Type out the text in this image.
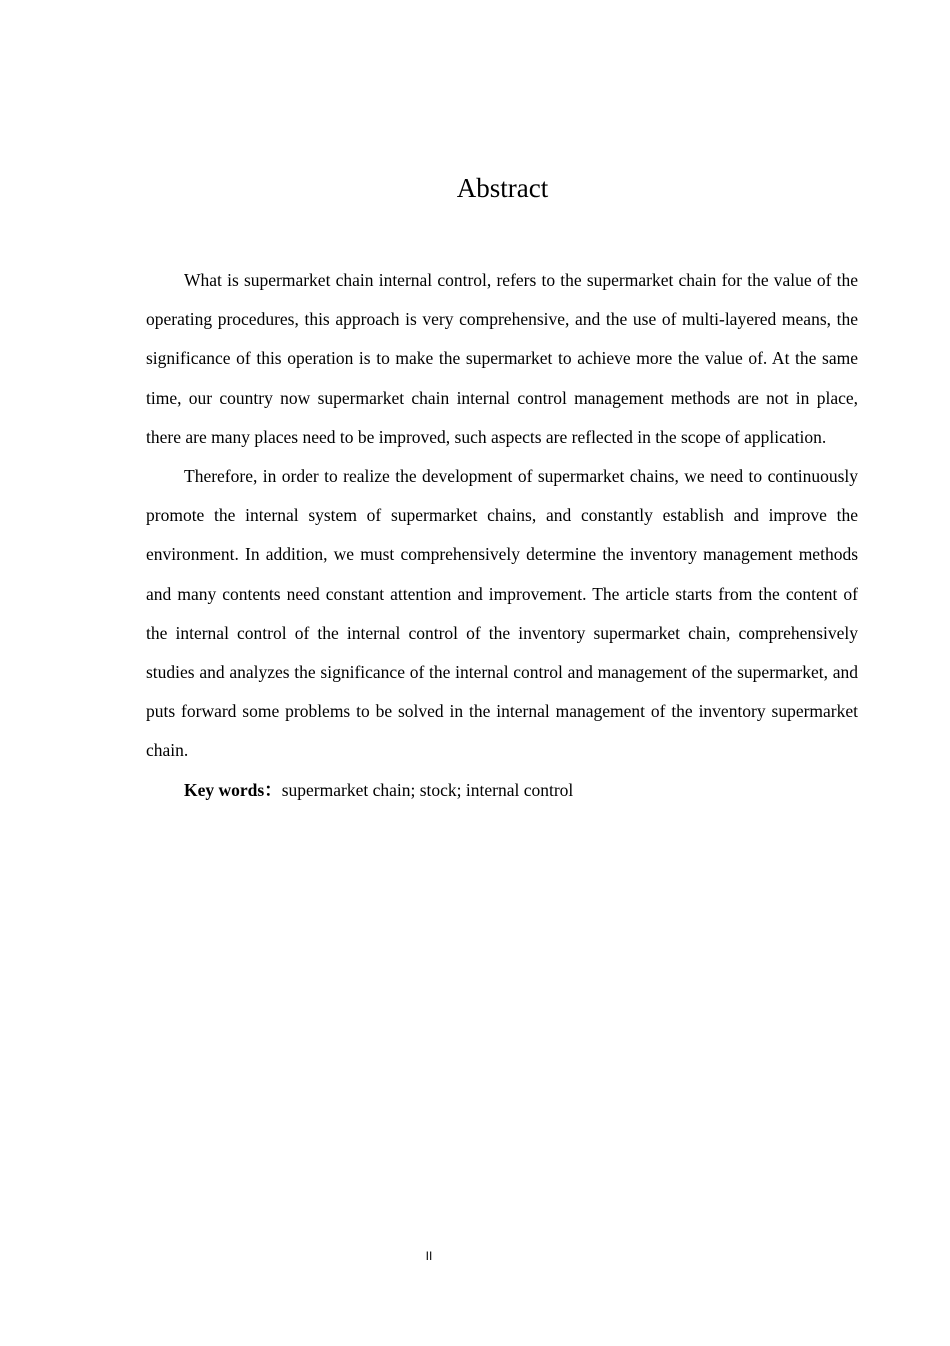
Abstract

What is supermarket chain internal control, refers to the supermarket chain for the value of the operating procedures, this approach is very comprehensive, and the use of multi-layered means, the significance of this operation is to make the supermarket to achieve more the value of. At the same time, our country now supermarket chain internal control management methods are not in place, there are many places need to be improved, such aspects are reflected in the scope of application.

Therefore, in order to realize the development of supermarket chains, we need to continuously promote the internal system of supermarket chains, and constantly establish and improve the environment. In addition, we must comprehensively determine the inventory management methods and many contents need constant attention and improvement. The article starts from the content of the internal control of the internal control of the inventory supermarket chain, comprehensively studies and analyzes the significance of the internal control and management of the supermarket, and puts forward some problems to be solved in the internal management of the inventory supermarket chain.

Key words：supermarket chain; stock; internal control

II
